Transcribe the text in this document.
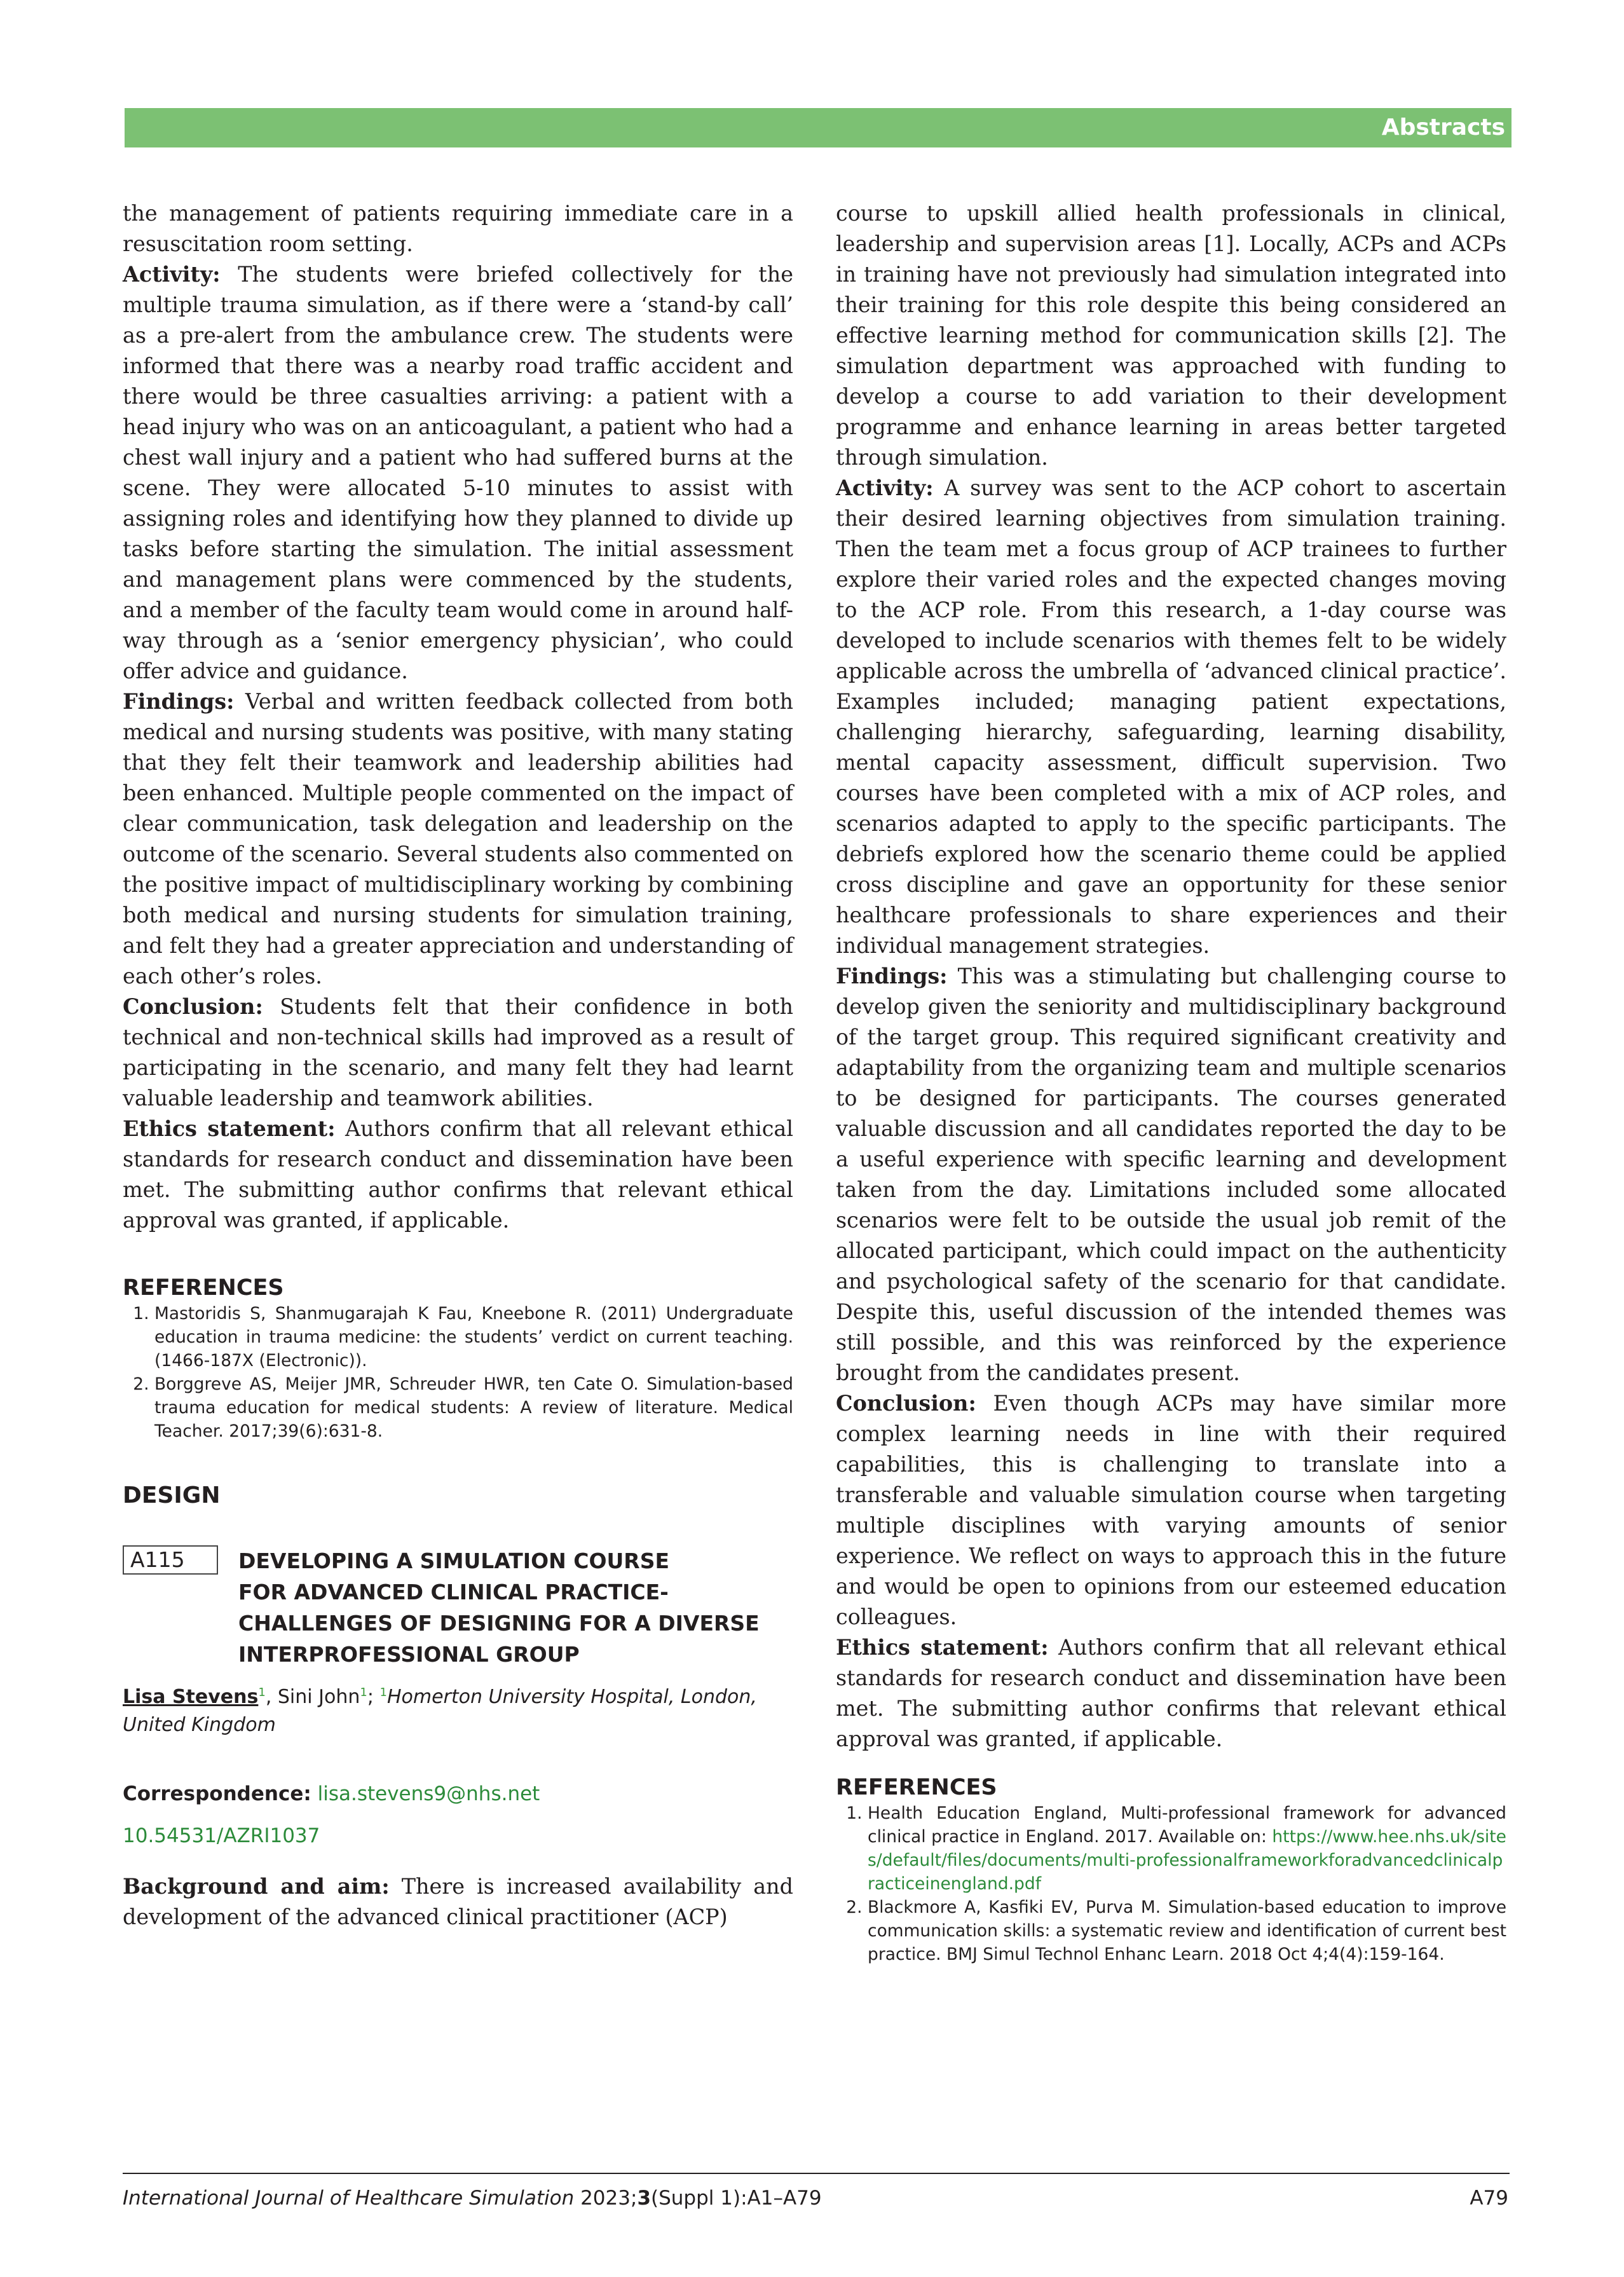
Abstracts

the management of patients requiring immediate care in a resuscitation room setting.

Activity: The students were briefed collectively for the multiple trauma simulation, as if there were a ‘stand-by call’ as a pre-alert from the ambulance crew. The students were informed that there was a nearby road traffic accident and there would be three casualties arriving: a patient with a head injury who was on an anticoagulant, a patient who had a chest wall injury and a patient who had suffered burns at the scene. They were allocated 5-10 minutes to assist with assigning roles and identifying how they planned to divide up tasks before starting the simulation. The initial assessment and management plans were commenced by the students, and a member of the faculty team would come in around half-way through as a ‘senior emergency physician’, who could offer advice and guidance.

Findings: Verbal and written feedback collected from both medical and nursing students was positive, with many stating that they felt their teamwork and leadership abilities had been enhanced. Multiple people commented on the impact of clear communication, task delegation and leadership on the outcome of the scenario. Several students also commented on the positive impact of multidisciplinary working by combining both medical and nursing students for simulation training, and felt they had a greater appreciation and understanding of each other’s roles.

Conclusion: Students felt that their confidence in both technical and non-technical skills had improved as a result of participating in the scenario, and many felt they had learnt valuable leadership and teamwork abilities.

Ethics statement: Authors confirm that all relevant ethical standards for research conduct and dissemination have been met. The submitting author confirms that relevant ethical approval was granted, if applicable.

REFERENCES
1. Mastoridis S, Shanmugarajah K Fau, Kneebone R. (2011) Undergraduate education in trauma medicine: the students’ verdict on current teaching. (1466-187X (Electronic)).
2. Borggreve AS, Meijer JMR, Schreuder HWR, ten Cate O. Simulation-based trauma education for medical students: A review of literature. Medical Teacher. 2017;39(6):631-8.
DESIGN
A115	DEVELOPING A SIMULATION COURSE
FOR ADVANCED CLINICAL PRACTICE-
CHALLENGES OF DESIGNING FOR A DIVERSE
INTERPROFESSIONAL GROUP
Lisa Stevens$^1$, Sini John$^1$; $^1$Homerton University Hospital, London, United Kingdom
Correspondence: lisa.stevens9@nhs.net
10.54531/AZRI1037

Background and aim: There is increased availability and development of the advanced clinical practitioner (ACP)

course to upskill allied health professionals in clinical, leadership and supervision areas [1]. Locally, ACPs and ACPs in training have not previously had simulation integrated into their training for this role despite this being considered an effective learning method for communication skills [2]. The simulation department was approached with funding to develop a course to add variation to their development programme and enhance learning in areas better targeted through simulation.

Activity: A survey was sent to the ACP cohort to ascertain their desired learning objectives from simulation training. Then the team met a focus group of ACP trainees to further explore their varied roles and the expected changes moving to the ACP role. From this research, a 1-day course was developed to include scenarios with themes felt to be widely applicable across the umbrella of ‘advanced clinical practice’. Examples included; managing patient expectations, challenging hierarchy, safeguarding, learning disability, mental capacity assessment, difficult supervision. Two courses have been completed with a mix of ACP roles, and scenarios adapted to apply to the specific participants. The debriefs explored how the scenario theme could be applied cross discipline and gave an opportunity for these senior healthcare professionals to share experiences and their individual management strategies.

Findings: This was a stimulating but challenging course to develop given the seniority and multidisciplinary background of the target group. This required significant creativity and adaptability from the organizing team and multiple scenarios to be designed for participants. The courses generated valuable discussion and all candidates reported the day to be a useful experience with specific learning and development taken from the day. Limitations included some allocated scenarios were felt to be outside the usual job remit of the allocated participant, which could impact on the authenticity and psychological safety of the scenario for that candidate. Despite this, useful discussion of the intended themes was still possible, and this was reinforced by the experience brought from the candidates present.

Conclusion: Even though ACPs may have similar more complex learning needs in line with their required capabilities, this is challenging to translate into a transferable and valuable simulation course when targeting multiple disciplines with varying amounts of senior experience. We reflect on ways to approach this in the future and would be open to opinions from our esteemed education colleagues.

Ethics statement: Authors confirm that all relevant ethical standards for research conduct and dissemination have been met. The submitting author confirms that relevant ethical approval was granted, if applicable.

REFERENCES
1. Health Education England, Multi-professional framework for advanced clinical practice in England. 2017. Available on: https://www.hee.nhs.uk/sites/default/files/documents/multi-professionalframeworkforadvancedclinicalpracticeinengland.pdf
2. Blackmore A, Kasfiki EV, Purva M. Simulation-based education to improve communication skills: a systematic review and identification of current best practice. BMJ Simul Technol Enhanc Learn. 2018 Oct 4;4(4):159-164.
International Journal of Healthcare Simulation 2023;3(Suppl 1):A1–A79	A79
